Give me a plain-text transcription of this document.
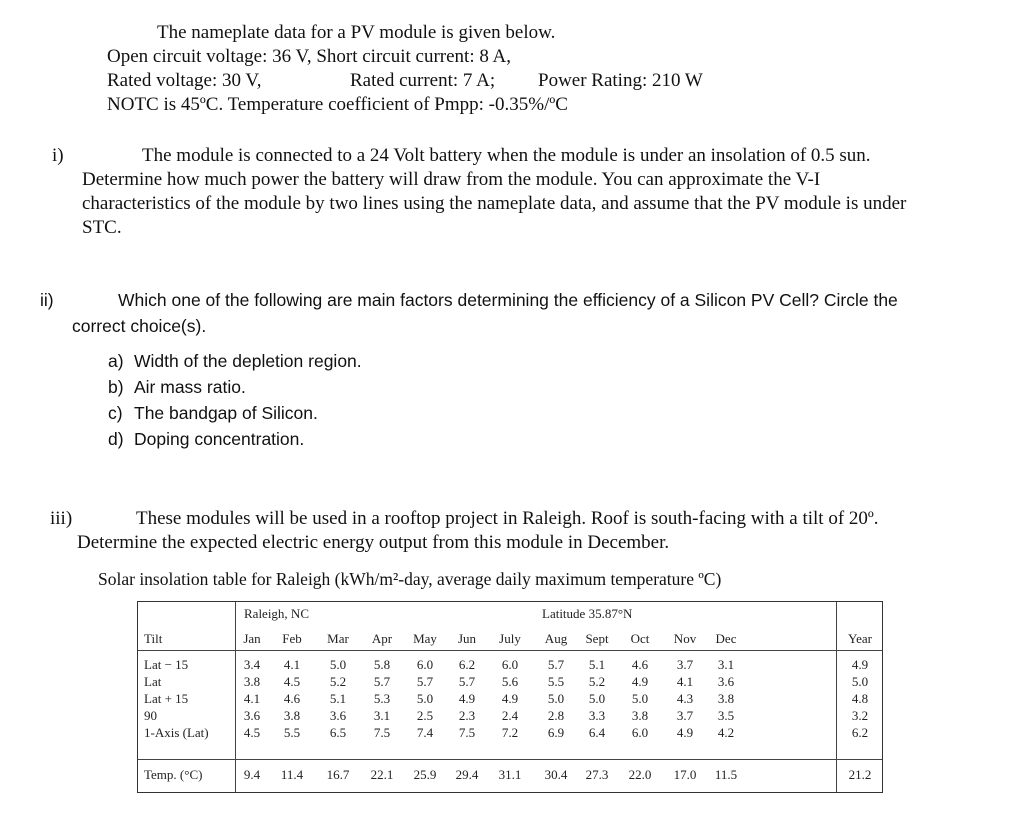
The nameplate data for a PV module is given below.
Open circuit voltage: 36 V, Short circuit current: 8 A,
Rated voltage: 30 V,	Rated current: 7 A; Power Rating: 210 W
NOTC is 45ºC. Temperature coefficient of Pmpp: -0.35%/ºC
i)	The module is connected to a 24 Volt battery when the module is under an insolation of 0.5 sun.
Determine how much power the battery will draw from the module. You can approximate the V-I
characteristics of the module by two lines using the nameplate data, and assume that the PV module is under
STC.
ii)	Which one of the following are main factors determining the efficiency of a Silicon PV Cell? Circle the
correct choice(s).
a) Width of the depletion region.
b) Air mass ratio.
c) The bandgap of Silicon.
d) Doping concentration.
iii)	These modules will be used in a rooftop project in Raleigh. Roof is south-facing with a tilt of 20º.
Determine the expected electric energy output from this module in December.
Solar insolation table for Raleigh (kWh/m²-day, average daily maximum temperature ºC)
Raleigh, NC	Latitude 35.87°N
Tilt	Jan Feb Mar Apr May Jun July Aug Sept Oct Nov Dec	Year
Lat − 15	3.4 4.1 5.0 5.8 6.0 6.2 6.0 5.7 5.1 4.6 3.7 3.1	4.9
Lat	3.8 4.5 5.2 5.7 5.7 5.7 5.6 5.5 5.2 4.9 4.1 3.6	5.0
Lat + 15	4.1 4.6 5.1 5.3 5.0 4.9 4.9 5.0 5.0 5.0 4.3 3.8	4.8
90	3.6 3.8 3.6 3.1 2.5 2.3 2.4 2.8 3.3 3.8 3.7 3.5	3.2
1-Axis (Lat)	4.5 5.5 6.5 7.5 7.4 7.5 7.2 6.9 6.4 6.0 4.9 4.2	6.2
Temp. (°C)	9.4 11.4 16.7 22.1 25.9 29.4 31.1 30.4 27.3 22.0 17.0 11.5	21.2
